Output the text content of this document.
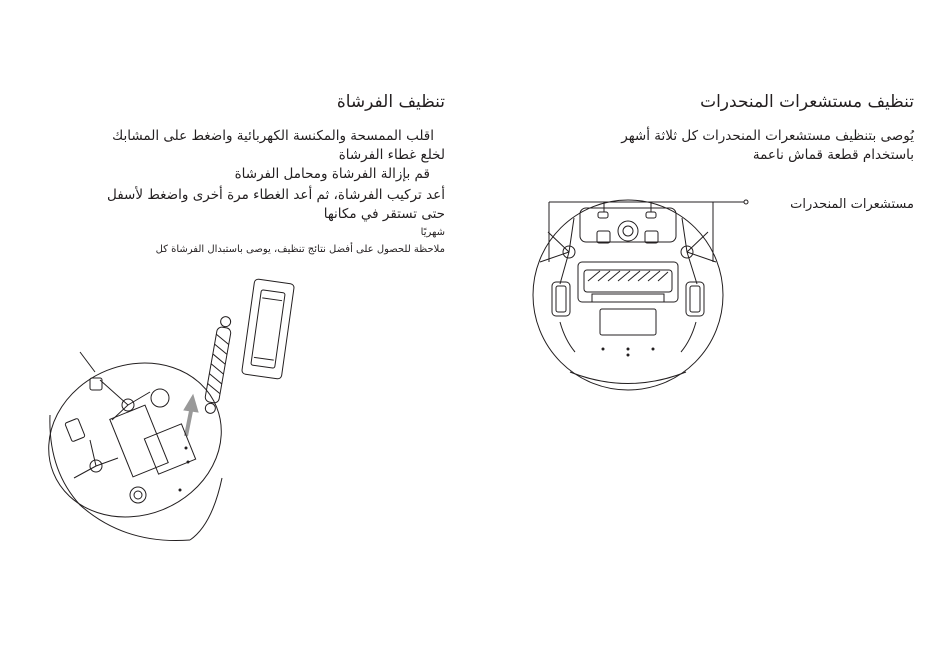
تنظيف مستشعرات المنحدرات
يُوصى بتنظيف مستشعرات المنحدرات كل ثلاثة أشهر
باستخدام قطعة قماش ناعمة
مستشعرات المنحدرات
تنظيف الفرشاة
اقلب الممسحة والمكنسة الكهربائية واضغط على المشابك
لخلع غطاء الفرشاة
قم بإزالة الفرشاة ومحامل الفرشاة
أعد تركيب الفرشاة، ثم أعد الغطاء مرة أخرى واضغط لأسفل
حتى تستقر في مكانها
شهريًا
ملاحظة للحصول على أفضل نتائج تنظيف، يوصى باستبدال الفرشاة كل
